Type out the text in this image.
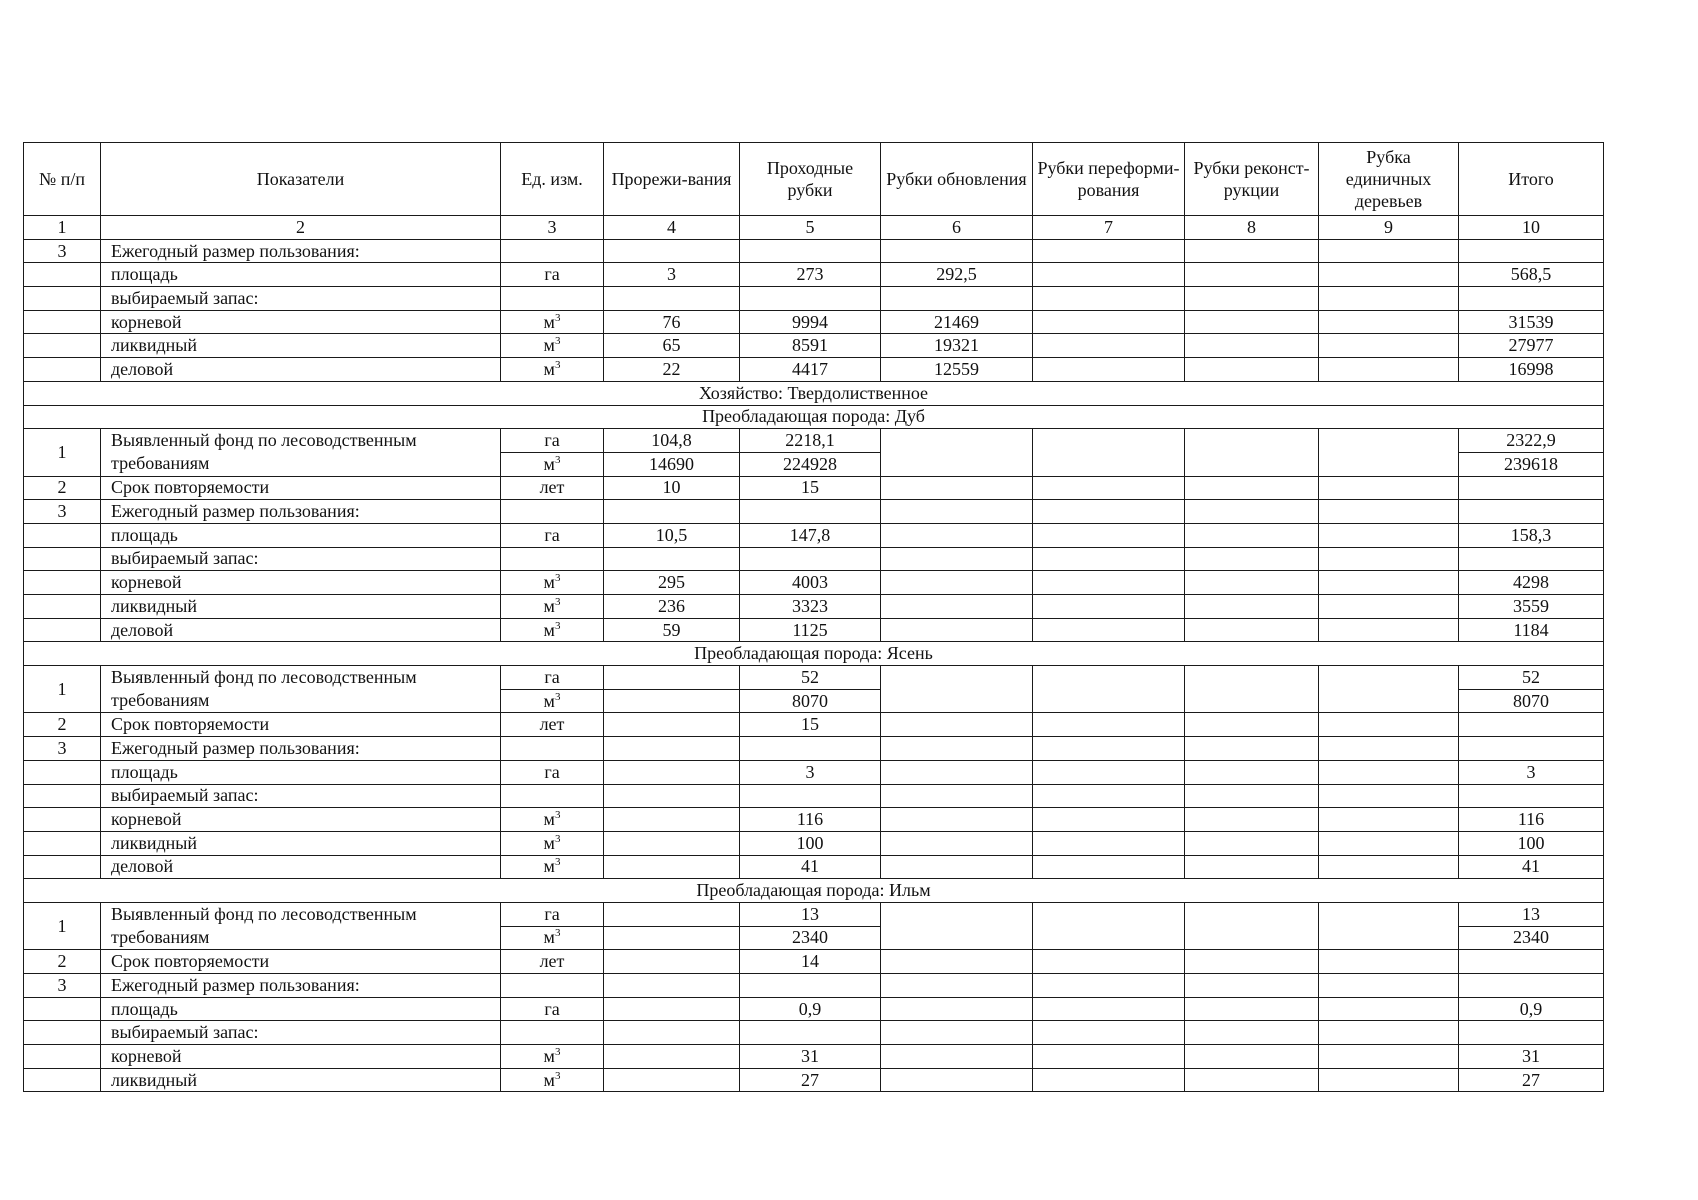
№ п/п	Показатели	Ед. изм.	Прорежи-вания	Проходные рубки	Рубки обновления	Рубки переформи-рования	Рубки реконст-рукции	Рубка единичных деревьев	Итого
1	2	3	4	5	6	7	8	9	10
3	Ежегодный размер пользования:								
	площадь	га	3	273	292,5				568,5
	выбираемый запас:								
	корневой	$м^3$	76	9994	21469				31539
	ликвидный	$м^3$	65	8591	19321				27977
	деловой	$м^3$	22	4417	12559				16998
Хозяйство: Твердолиственное									
Преобладающая порода: Дуб									
1	Выявленный фонд по лесоводственным требованиям	га	104,8	2218,1					2322,9
		$м^3$	14690	224928					239618
2	Срок повторяемости	лет	10	15					
3	Ежегодный размер пользования:								
	площадь	га	10,5	147,8					158,3
	выбираемый запас:								
	корневой	$м^3$	295	4003					4298
	ликвидный	$м^3$	236	3323					3559
	деловой	$м^3$	59	1125					1184
Преобладающая порода: Ясень									
1	Выявленный фонд по лесоводственным требованиям	га		52					52
		$м^3$		8070					8070
2	Срок повторяемости	лет		15					
3	Ежегодный размер пользования:								
	площадь	га		3					3
	выбираемый запас:								
	корневой	$м^3$		116					116
	ликвидный	$м^3$		100					100
	деловой	$м^3$		41					41
Преобладающая порода: Ильм									
1	Выявленный фонд по лесоводственным требованиям	га		13					13
		$м^3$		2340					2340
2	Срок повторяемости	лет		14					
3	Ежегодный размер пользования:								
	площадь	га		0,9					0,9
	выбираемый запас:								
	корневой	$м^3$		31					31
	ликвидный	$м^3$		27					27
